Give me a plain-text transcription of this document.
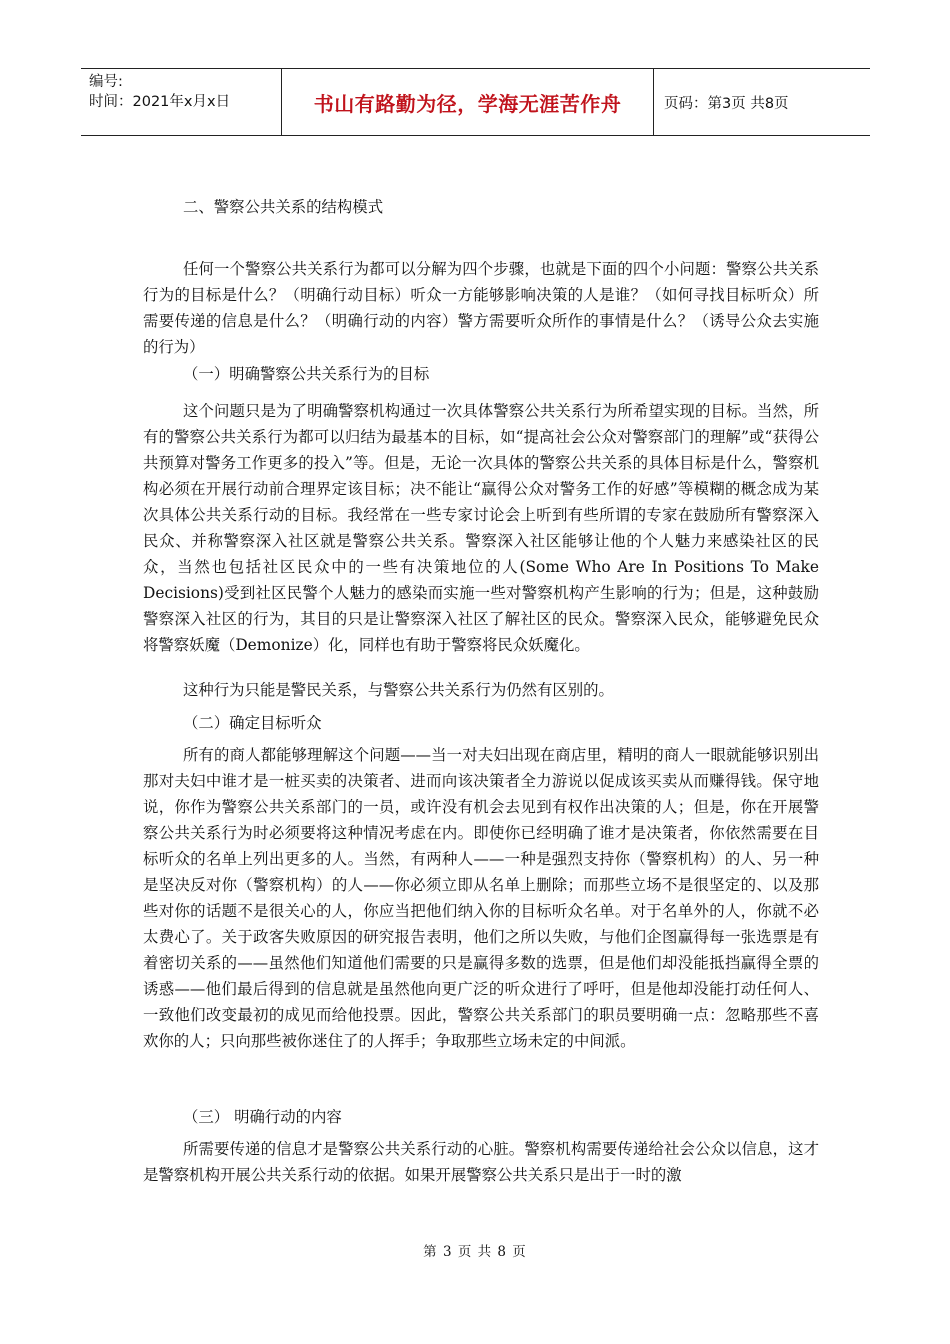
编号:
时间：2021年x月x日	书山有路勤为径，学海无涯苦作舟	页码：第3页 共8页

二、警察公共关系的结构模式

任何一个警察公共关系行为都可以分解为四个步骤，也就是下面的四个小问题：警察公共关系行为的目标是什么？（明确行动目标）听众一方能够影响决策的人是谁？（如何寻找目标听众）所需要传递的信息是什么？（明确行动的内容）警方需要听众所作的事情是什么？（诱导公众去实施的行为）

（一）明确警察公共关系行为的目标

这个问题只是为了明确警察机构通过一次具体警察公共关系行为所希望实现的目标。当然，所有的警察公共关系行为都可以归结为最基本的目标，如“提高社会公众对警察部门的理解”或“获得公共预算对警务工作更多的投入”等。但是，无论一次具体的警察公共关系的具体目标是什么，警察机构必须在开展行动前合理界定该目标；决不能让“赢得公众对警务工作的好感”等模糊的概念成为某次具体公共关系行动的目标。我经常在一些专家讨论会上听到有些所谓的专家在鼓励所有警察深入民众、并称警察深入社区就是警察公共关系。警察深入社区能够让他的个人魅力来感染社区的民众，当然也包括社区民众中的一些有决策地位的人(Some Who Are In Positions To Make Decisions)受到社区民警个人魅力的感染而实施一些对警察机构产生影响的行为；但是，这种鼓励警察深入社区的行为，其目的只是让警察深入社区了解社区的民众。警察深入民众，能够避免民众将警察妖魔（Demonize）化，同样也有助于警察将民众妖魔化。

这种行为只能是警民关系，与警察公共关系行为仍然有区别的。

（二）确定目标听众

所有的商人都能够理解这个问题——当一对夫妇出现在商店里，精明的商人一眼就能够识别出那对夫妇中谁才是一桩买卖的决策者、进而向该决策者全力游说以促成该买卖从而赚得钱。保守地说，你作为警察公共关系部门的一员，或许没有机会去见到有权作出决策的人；但是，你在开展警察公共关系行为时必须要将这种情况考虑在内。即使你已经明确了谁才是决策者，你依然需要在目标听众的名单上列出更多的人。当然，有两种人——一种是强烈支持你（警察机构）的人、另一种是坚决反对你（警察机构）的人——你必须立即从名单上删除；而那些立场不是很坚定的、以及那些对你的话题不是很关心的人，你应当把他们纳入你的目标听众名单。对于名单外的人，你就不必太费心了。关于政客失败原因的研究报告表明，他们之所以失败，与他们企图赢得每一张选票是有着密切关系的——虽然他们知道他们需要的只是赢得多数的选票，但是他们却没能抵挡赢得全票的诱惑——他们最后得到的信息就是虽然他向更广泛的听众进行了呼吁，但是他却没能打动任何人、一致他们改变最初的成见而给他投票。因此，警察公共关系部门的职员要明确一点：忽略那些不喜欢你的人；只向那些被你迷住了的人挥手；争取那些立场未定的中间派。

（三） 明确行动的内容

所需要传递的信息才是警察公共关系行动的心脏。警察机构需要传递给社会公众以信息，这才是警察机构开展公共关系行动的依据。如果开展警察公共关系只是出于一时的激

第 3 页 共 8 页
